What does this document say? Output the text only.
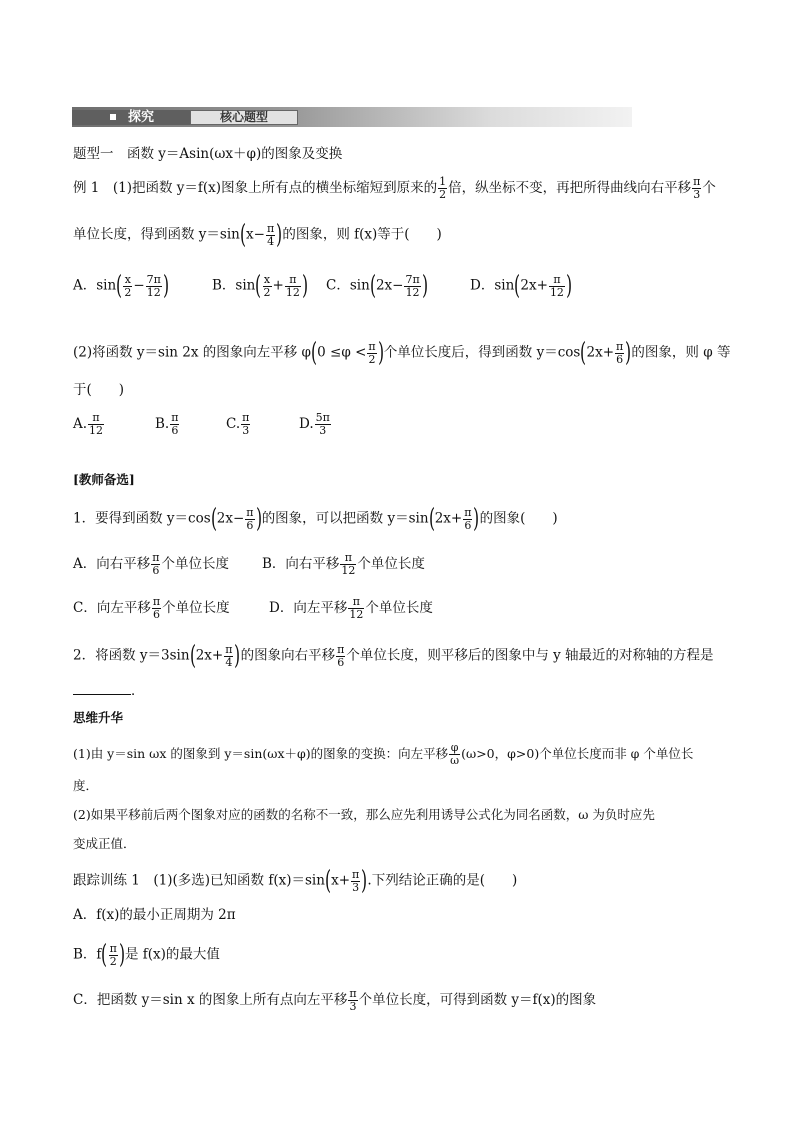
探究	核心题型
题型一　函数 y＝Asin(ωx＋φ)的图象及变换
例 1　(1)把函数 y＝f(x)图象上所有点的横坐标缩短到原来的 $\frac{1}{2}$ 倍，纵坐标不变，再把所得曲线向右平移 $\frac{\pi}{3}$ 个
单位长度，得到函数 $y=\sin(x- \frac{\pi}{4}$ )的图象，则 f(x)等于(　　)
A．$\sin( \frac{x}{2} - \frac{7\pi}{12}$ )	B．$\sin( \frac{x}{2} + \frac{\pi}{12}$ ) C．$\sin(2x- \frac{7\pi}{12}$ )	D．$\sin(2x+ \frac{\pi}{12}$ )
(2)将函数 y＝sin 2x 的图象向左平移 $\varphi(0 \le\varphi < \frac{\pi}{2}$ )个单位长度后，得到函数 $y=\cos(2x+ \frac{\pi}{6}$ )的图象，则 φ 等
于(　　)
A. $\frac{\pi}{12}$	B. $\frac{\pi}{6}$	C. $\frac{\pi}{3}$	D. $\frac{5\pi}{3}$
[教师备选]
1．要得到函数 $y=\cos(2x- \frac{\pi}{6}$ )的图象，可以把函数 $y=\sin(2x+ \frac{\pi}{6}$ )的图象(　　)
A．向右平移 $\frac{\pi}{6}$ 个单位长度 B．向右平移 $\frac{\pi}{12}$ 个单位长度
C．向左平移 $\frac{\pi}{6}$ 个单位长度	D．向左平移 $\frac{\pi}{12}$ 个单位长度
2．将函数 $y=3\sin(2x+ \frac{\pi}{4}$ )的图象向右平移 $\frac{\pi}{6}$ 个单位长度，则平移后的图象中与 y 轴最近的对称轴的方程是
．
思维升华
(1)由 y＝sin ωx 的图象到 y＝sin(ωx＋φ)的图象的变换：向左平移 $\frac{\varphi}{\omega} (\omega>0$，φ>0)个单位长度而非 φ 个单位长
度．
(2)如果平移前后两个图象对应的函数的名称不一致，那么应先利用诱导公式化为同名函数，ω 为负时应先
变成正值．
跟踪训练 1　(1)(多选)已知函数 $f(x)=\sin(x+ \frac{\pi}{3}$ ).下列结论正确的是(　　)
A．f(x)的最小正周期为 2π
B．$f( \frac{\pi}{2}$ )是 f(x)的最大值
C．把函数 y＝sin x 的图象上所有点向左平移 $\frac{\pi}{3}$ 个单位长度，可得到函数 y＝f(x)的图象
